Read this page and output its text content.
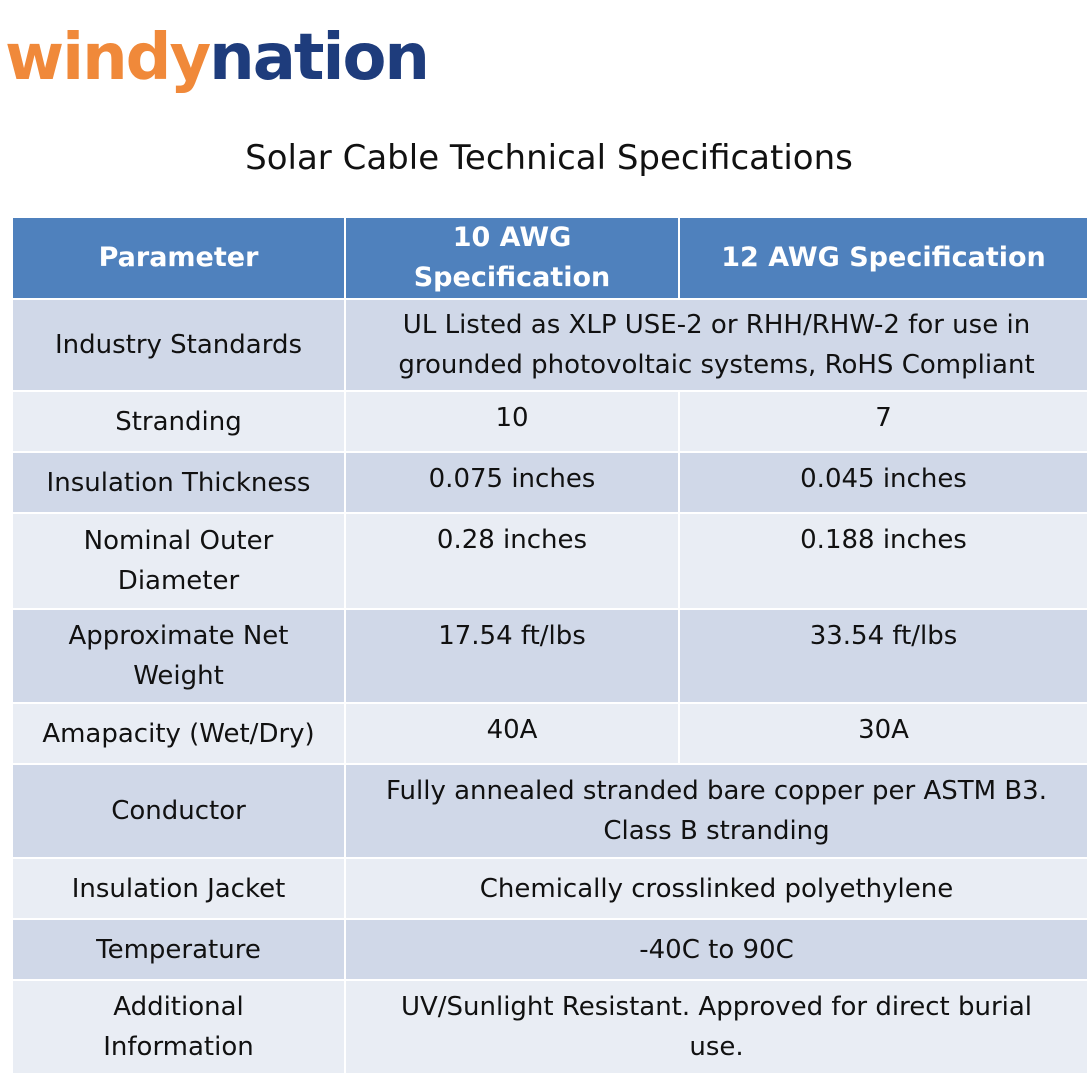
windynation
Solar Cable Technical Specifications
Parameter	10 AWG Specification	12 AWG Specification
Industry Standards	UL Listed as XLP USE-2 or RHH/RHW-2 for use in grounded photovoltaic systems, RoHS Compliant	
Stranding	10	7
Insulation Thickness	0.075 inches	0.045 inches
Nominal Outer Diameter	0.28 inches	0.188 inches
Approximate Net Weight	17.54 ft/lbs	33.54 ft/lbs
Amapacity (Wet/Dry)	40A	30A
Conductor	Fully annealed stranded bare copper per ASTM B3. Class B stranding	
Insulation Jacket	Chemically crosslinked polyethylene	
Temperature	-40C to 90C	
Additional Information	UV/Sunlight Resistant. Approved for direct burial use.	
